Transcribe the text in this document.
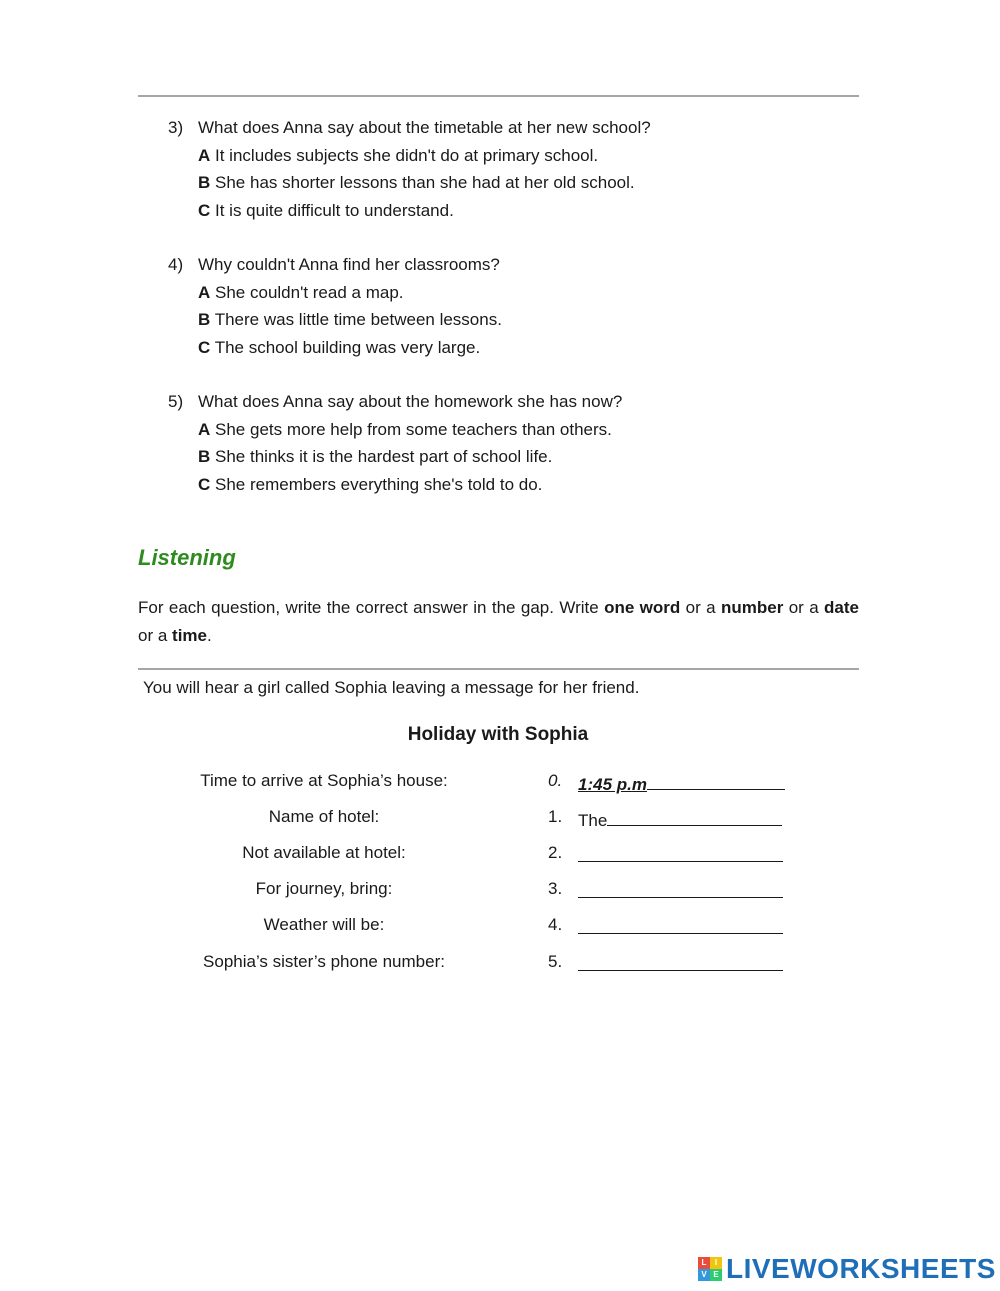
3) What does Anna say about the timetable at her new school?
A It includes subjects she didn't do at primary school.
B She has shorter lessons than she had at her old school.
C It is quite difficult to understand.
4) Why couldn't Anna find her classrooms?
A She couldn't read a map.
B There was little time between lessons.
C The school building was very large.
5) What does Anna say about the homework she has now?
A She gets more help from some teachers than others.
B She thinks it is the hardest part of school life.
C She remembers everything she's told to do.
Listening
For each question, write the correct answer in the gap. Write one word or a number or a date or a time.
You will hear a girl called Sophia leaving a message for her friend.
Holiday with Sophia
Time to arrive at Sophia’s house:	0. 1:45 p.m
Name of hotel:	1. The
Not available at hotel:	2.
For journey, bring:	3.
Weather will be:	4.
Sophia’s sister’s phone number:	5.
L	I
V E LIVEWORKSHEETS
